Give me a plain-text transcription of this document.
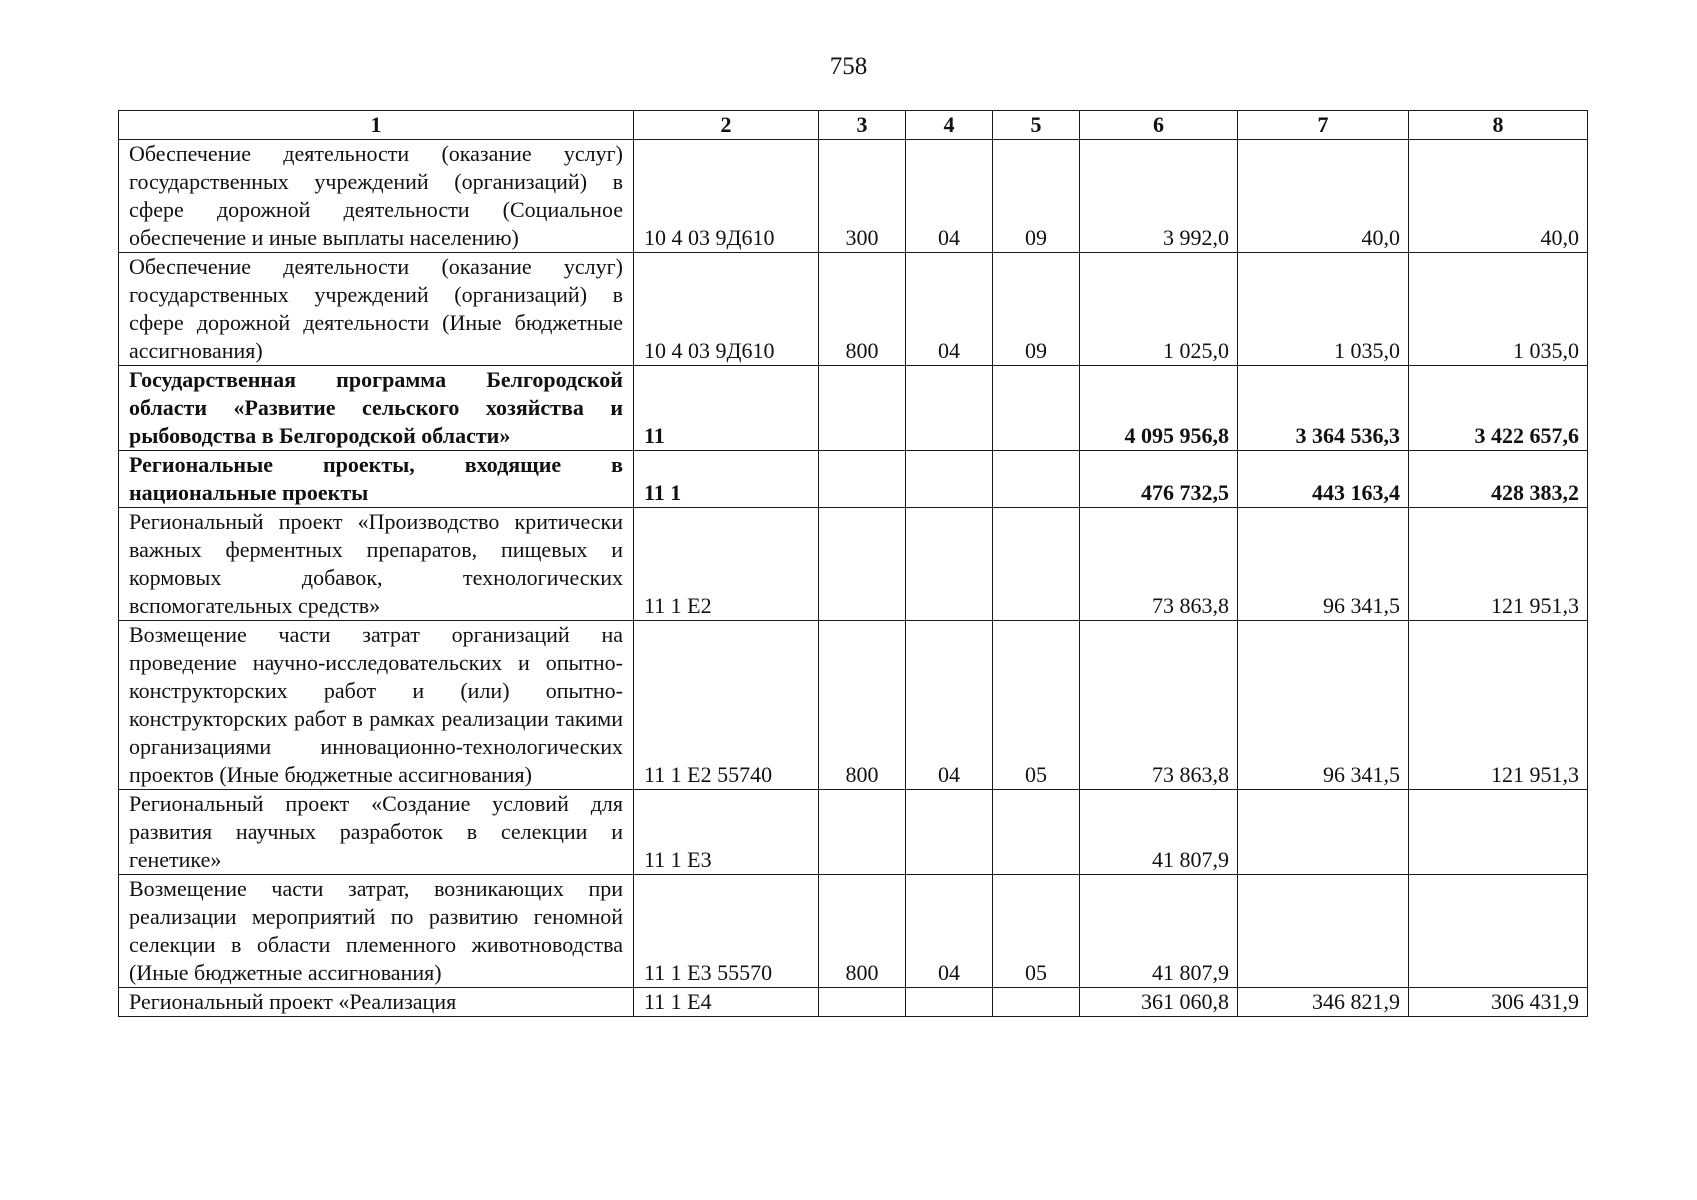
758
1	2	3	4	5	6	7	8
Обеспечение деятельности (оказание услуг) государственных учреждений (организаций) в сфере дорожной деятельности (Социальное обеспечение и иные выплаты населению)	10 4 03 9Д610	300	04	09	3 992,0	40,0	40,0
Обеспечение деятельности (оказание услуг) государственных учреждений (организаций) в сфере дорожной деятельности (Иные бюджетные ассигнования)	10 4 03 9Д610	800	04	09	1 025,0	1 035,0	1 035,0
Государственная программа Белгородской области «Развитие сельского хозяйства и рыбоводства в Белгородской области»	11				4 095 956,8	3 364 536,3	3 422 657,6
Региональные проекты, входящие в национальные проекты	11 1				476 732,5	443 163,4	428 383,2
Региональный проект «Производство критически важных ферментных препаратов, пищевых и кормовых добавок, технологических вспомогательных средств»	11 1 E2				73 863,8	96 341,5	121 951,3
Возмещение части затрат организаций на проведение научно-исследовательских и опытно-конструкторских работ и (или) опытно-конструкторских работ в рамках реализации такими организациями инновационно-технологических проектов (Иные бюджетные ассигнования)	11 1 E2 55740	800	04	05	73 863,8	96 341,5	121 951,3
Региональный проект «Создание условий для развития научных разработок в селекции и генетике»	11 1 E3				41 807,9		
Возмещение части затрат, возникающих при реализации мероприятий по развитию геномной селекции в области племенного животноводства (Иные бюджетные ассигнования)	11 1 E3 55570	800	04	05	41 807,9		
Региональный проект «Реализация	11 1 E4				361 060,8	346 821,9	306 431,9
